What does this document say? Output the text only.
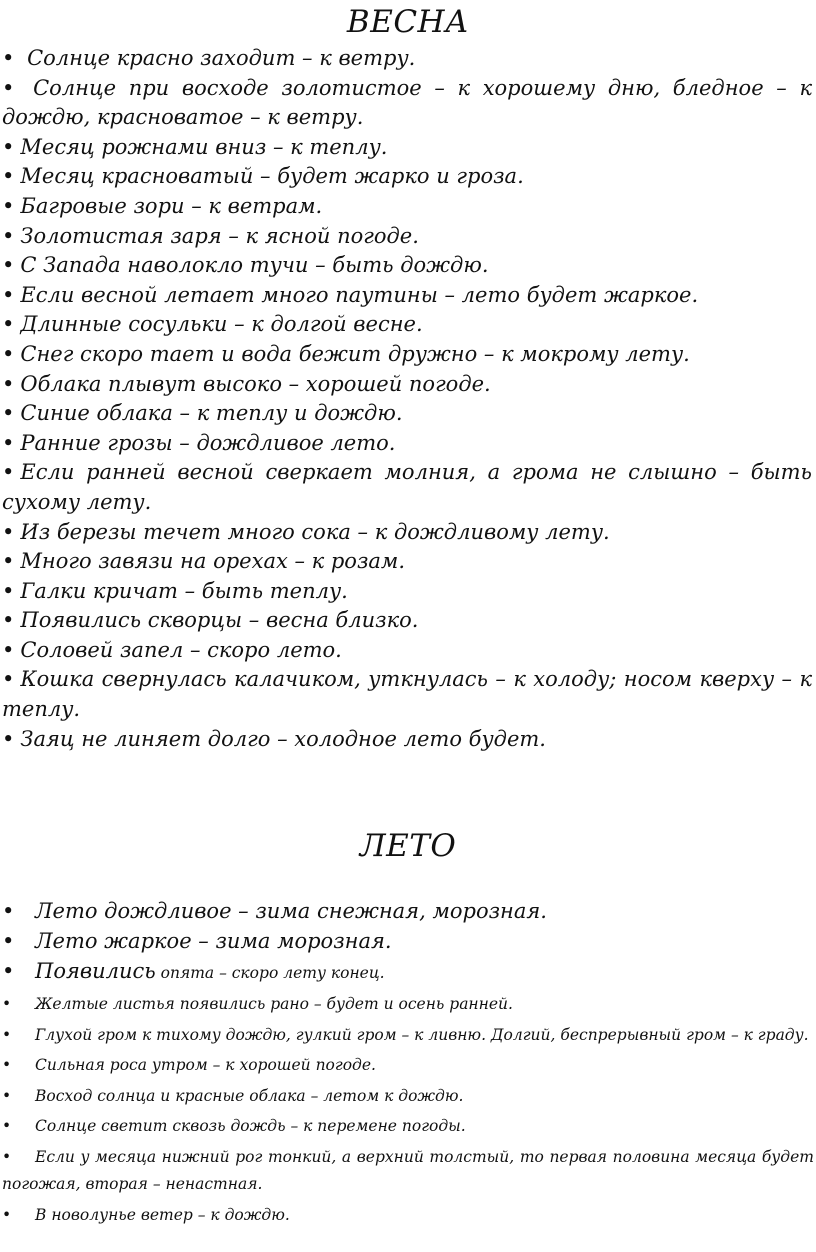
ВЕСНА
• Солнце красно заходит – к ветру.
• Солнце при восходе золотистое – к хорошему дню, бледное – к дождю, красноватое – к ветру.
• Месяц рожнами вниз – к теплу.
• Месяц красноватый – будет жарко и гроза.
• Багровые зори – к ветрам.
• Золотистая заря – к ясной погоде.
• С Запада наволокло тучи – быть дождю.
• Если весной летает много паутины – лето будет жаркое.
• Длинные сосульки – к долгой весне.
• Снег скоро тает и вода бежит дружно – к мокрому лету.
• Облака плывут высоко – хорошей погоде.
• Синие облака – к теплу и дождю.
• Ранние грозы – дождливое лето.
• Если ранней весной сверкает молния, а грома не слышно – быть сухому лету.
• Из березы течет много сока – к дождливому лету.
• Много завязи на орехах – к розам.
• Галки кричат – быть теплу.
• Появились скворцы – весна близко.
• Соловей запел – скоро лето.
• Кошка свернулась калачиком, уткнулась – к холоду; носом кверху – к теплу.
• Заяц не линяет долго – холодное лето будет.
ЛЕТО
• Лето дождливое – зима снежная, морозная.
• Лето жаркое – зима морозная.
• Появились опята – скоро лету конец.
• Желтые листья появились рано – будет и осень ранней.
• Глухой гром к тихому дождю, гулкий гром – к ливню. Долгий, беспрерывный гром – к граду.
• Сильная роса утром – к хорошей погоде.
• Восход солнца и красные облака – летом к дождю.
• Солнце светит сквозь дождь – к перемене погоды.
• Если у месяца нижний рог тонкий, а верхний толстый, то первая половина месяца будет погожая, вторая – ненастная.
• В новолунье ветер – к дождю.
